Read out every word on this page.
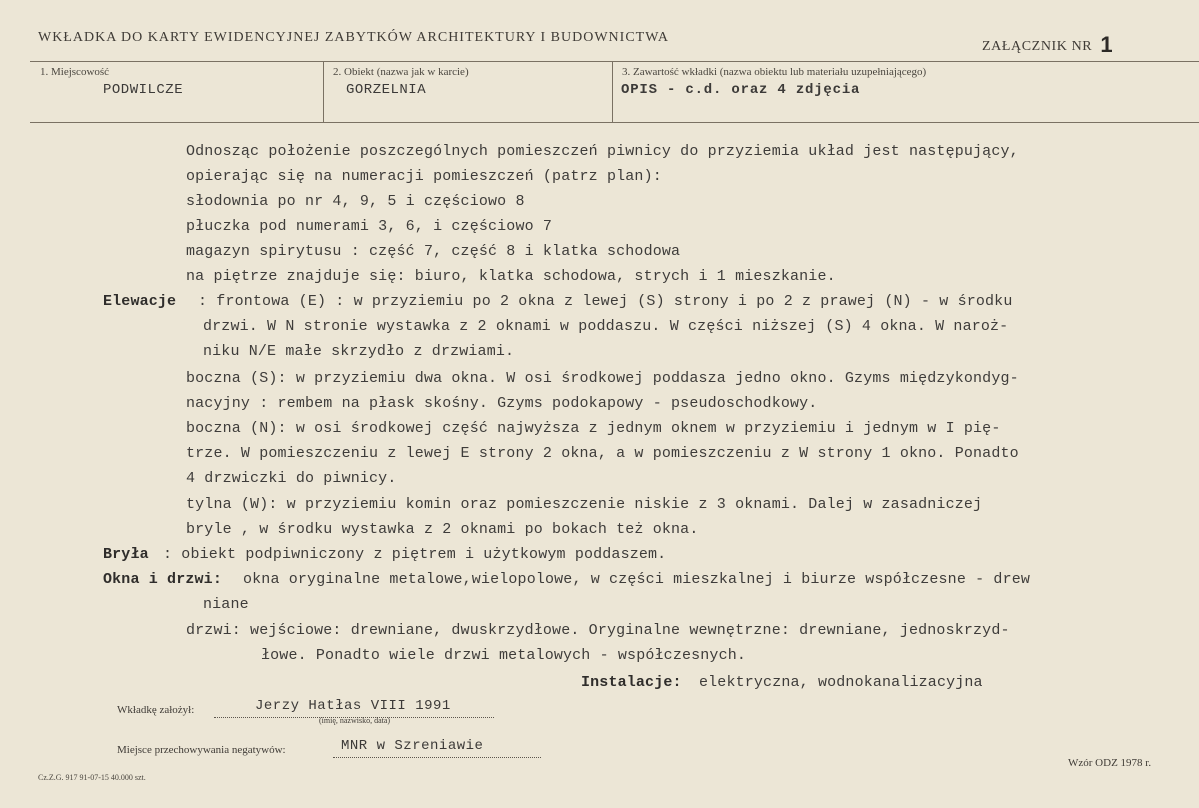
WKŁADKA DO KARTY EWIDENCYJNEJ ZABYTKÓW ARCHITEKTURY I BUDOWNICTWA
ZAŁĄCZNIK NR 1
1. Miejscowość
PODWILCZE
2. Obiekt (nazwa jak w karcie)
GORZELNIA
3. Zawartość wkładki (nazwa obiektu lub materiału uzupełniającego)
OPIS - c.d. oraz 4 zdjęcia
Odnosząc położenie poszczególnych pomieszczeń piwnicy do przyziemia układ jest następujący,
opierając się na numeracji pomieszczeń (patrz plan):
słodownia po nr 4, 9, 5 i częściowo 8
płuczka pod numerami 3, 6, i częściowo 7
magazyn spirytusu : część 7, część 8 i klatka schodowa
na piętrze znajduje się: biuro, klatka schodowa, strych i 1 mieszkanie.
Elewacje : frontowa (E) : w przyziemiu po 2 okna z lewej (S) strony i po 2 z prawej (N) - w środku
drzwi. W N stronie wystawka z 2 oknami w poddaszu. W części niższej (S) 4 okna. W naroż-
niku N/E małe skrzydło z drzwiami.
boczna (S): w przyziemiu dwa okna. W osi środkowej poddasza jedno okno. Gzyms międzykondyg-
nacyjny : rembem na płask skośny. Gzyms podokapowy - pseudoschodkowy.
boczna (N): w osi środkowej część najwyższa z jednym oknem w przyziemiu i jednym w I pię-
trze. W pomieszczeniu z lewej E strony 2 okna, a w pomieszczeniu z W strony 1 okno. Ponadto
4 drzwiczki do piwnicy.
tylna (W): w przyziemiu komin oraz pomieszczenie niskie z 3 oknami. Dalej w zasadniczej
bryle , w środku wystawka z 2 oknami po bokach też okna.
Bryła : obiekt podpiwniczony z piętrem i użytkowym poddaszem.
Okna i drzwi: okna oryginalne metalowe,wielopolowe, w części mieszkalnej i biurze współczesne - drew
niane
drzwi: wejściowe: drewniane, dwuskrzydłowe. Oryginalne wewnętrzne: drewniane, jednoskrzyd-
łowe. Ponadto wiele drzwi metalowych - współczesnych.
Instalacje: elektryczna, wodnokanalizacyjna
Wkładkę założył:	Jerzy Hatłas VIII 1991
(imię, nazwisko, data)
Miejsce przechowywania negatywów:	MNR w Szreniawie
Cz.Z.G. 917 91-07-15 40.000 szt.
Wzór ODZ 1978 r.
